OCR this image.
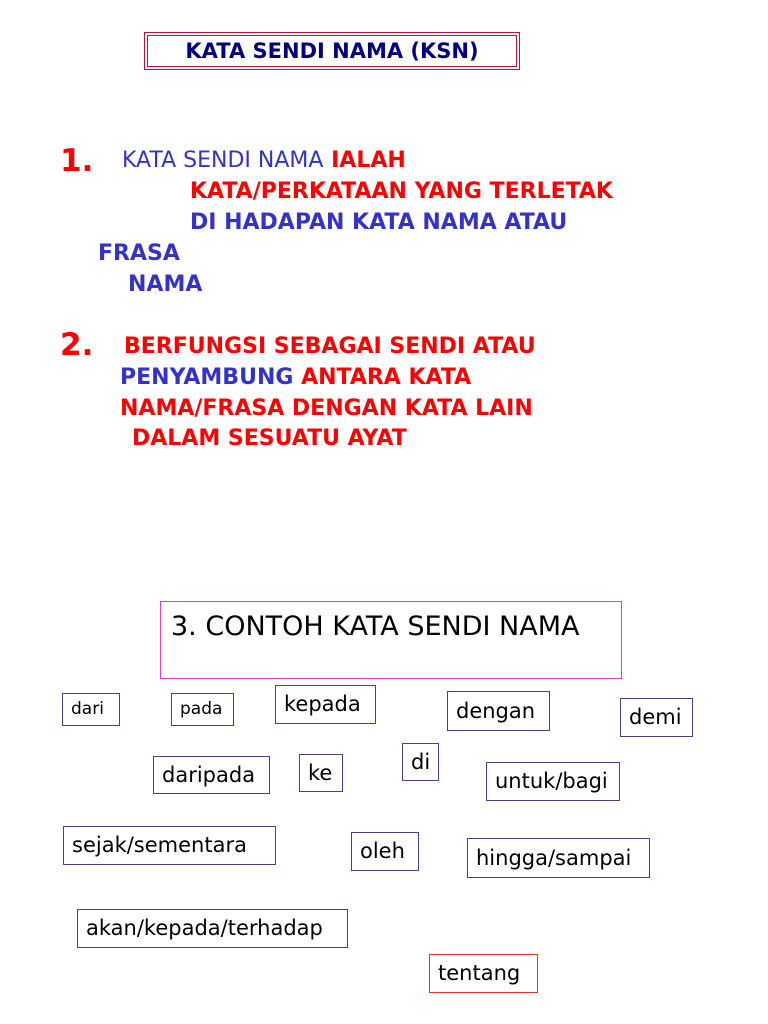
KATA SENDI NAMA (KSN)
1. KATA SENDI NAMA IALAH
KATA/PERKATAAN YANG TERLETAK
DI HADAPAN KATA NAMA ATAU
FRASA
NAMA
2. BERFUNGSI SEBAGAI SENDI ATAU
PENYAMBUNG ANTARA KATA
NAMA/FRASA DENGAN KATA LAIN
DALAM SESUATU AYAT
3. CONTOH KATA SENDI NAMA
dari	pada	kepada	dengan	demi
daripada	ke	di
untuk/bagi
sejak/sementara	oleh	hingga/sampai
akan/kepada/terhadap
tentang
